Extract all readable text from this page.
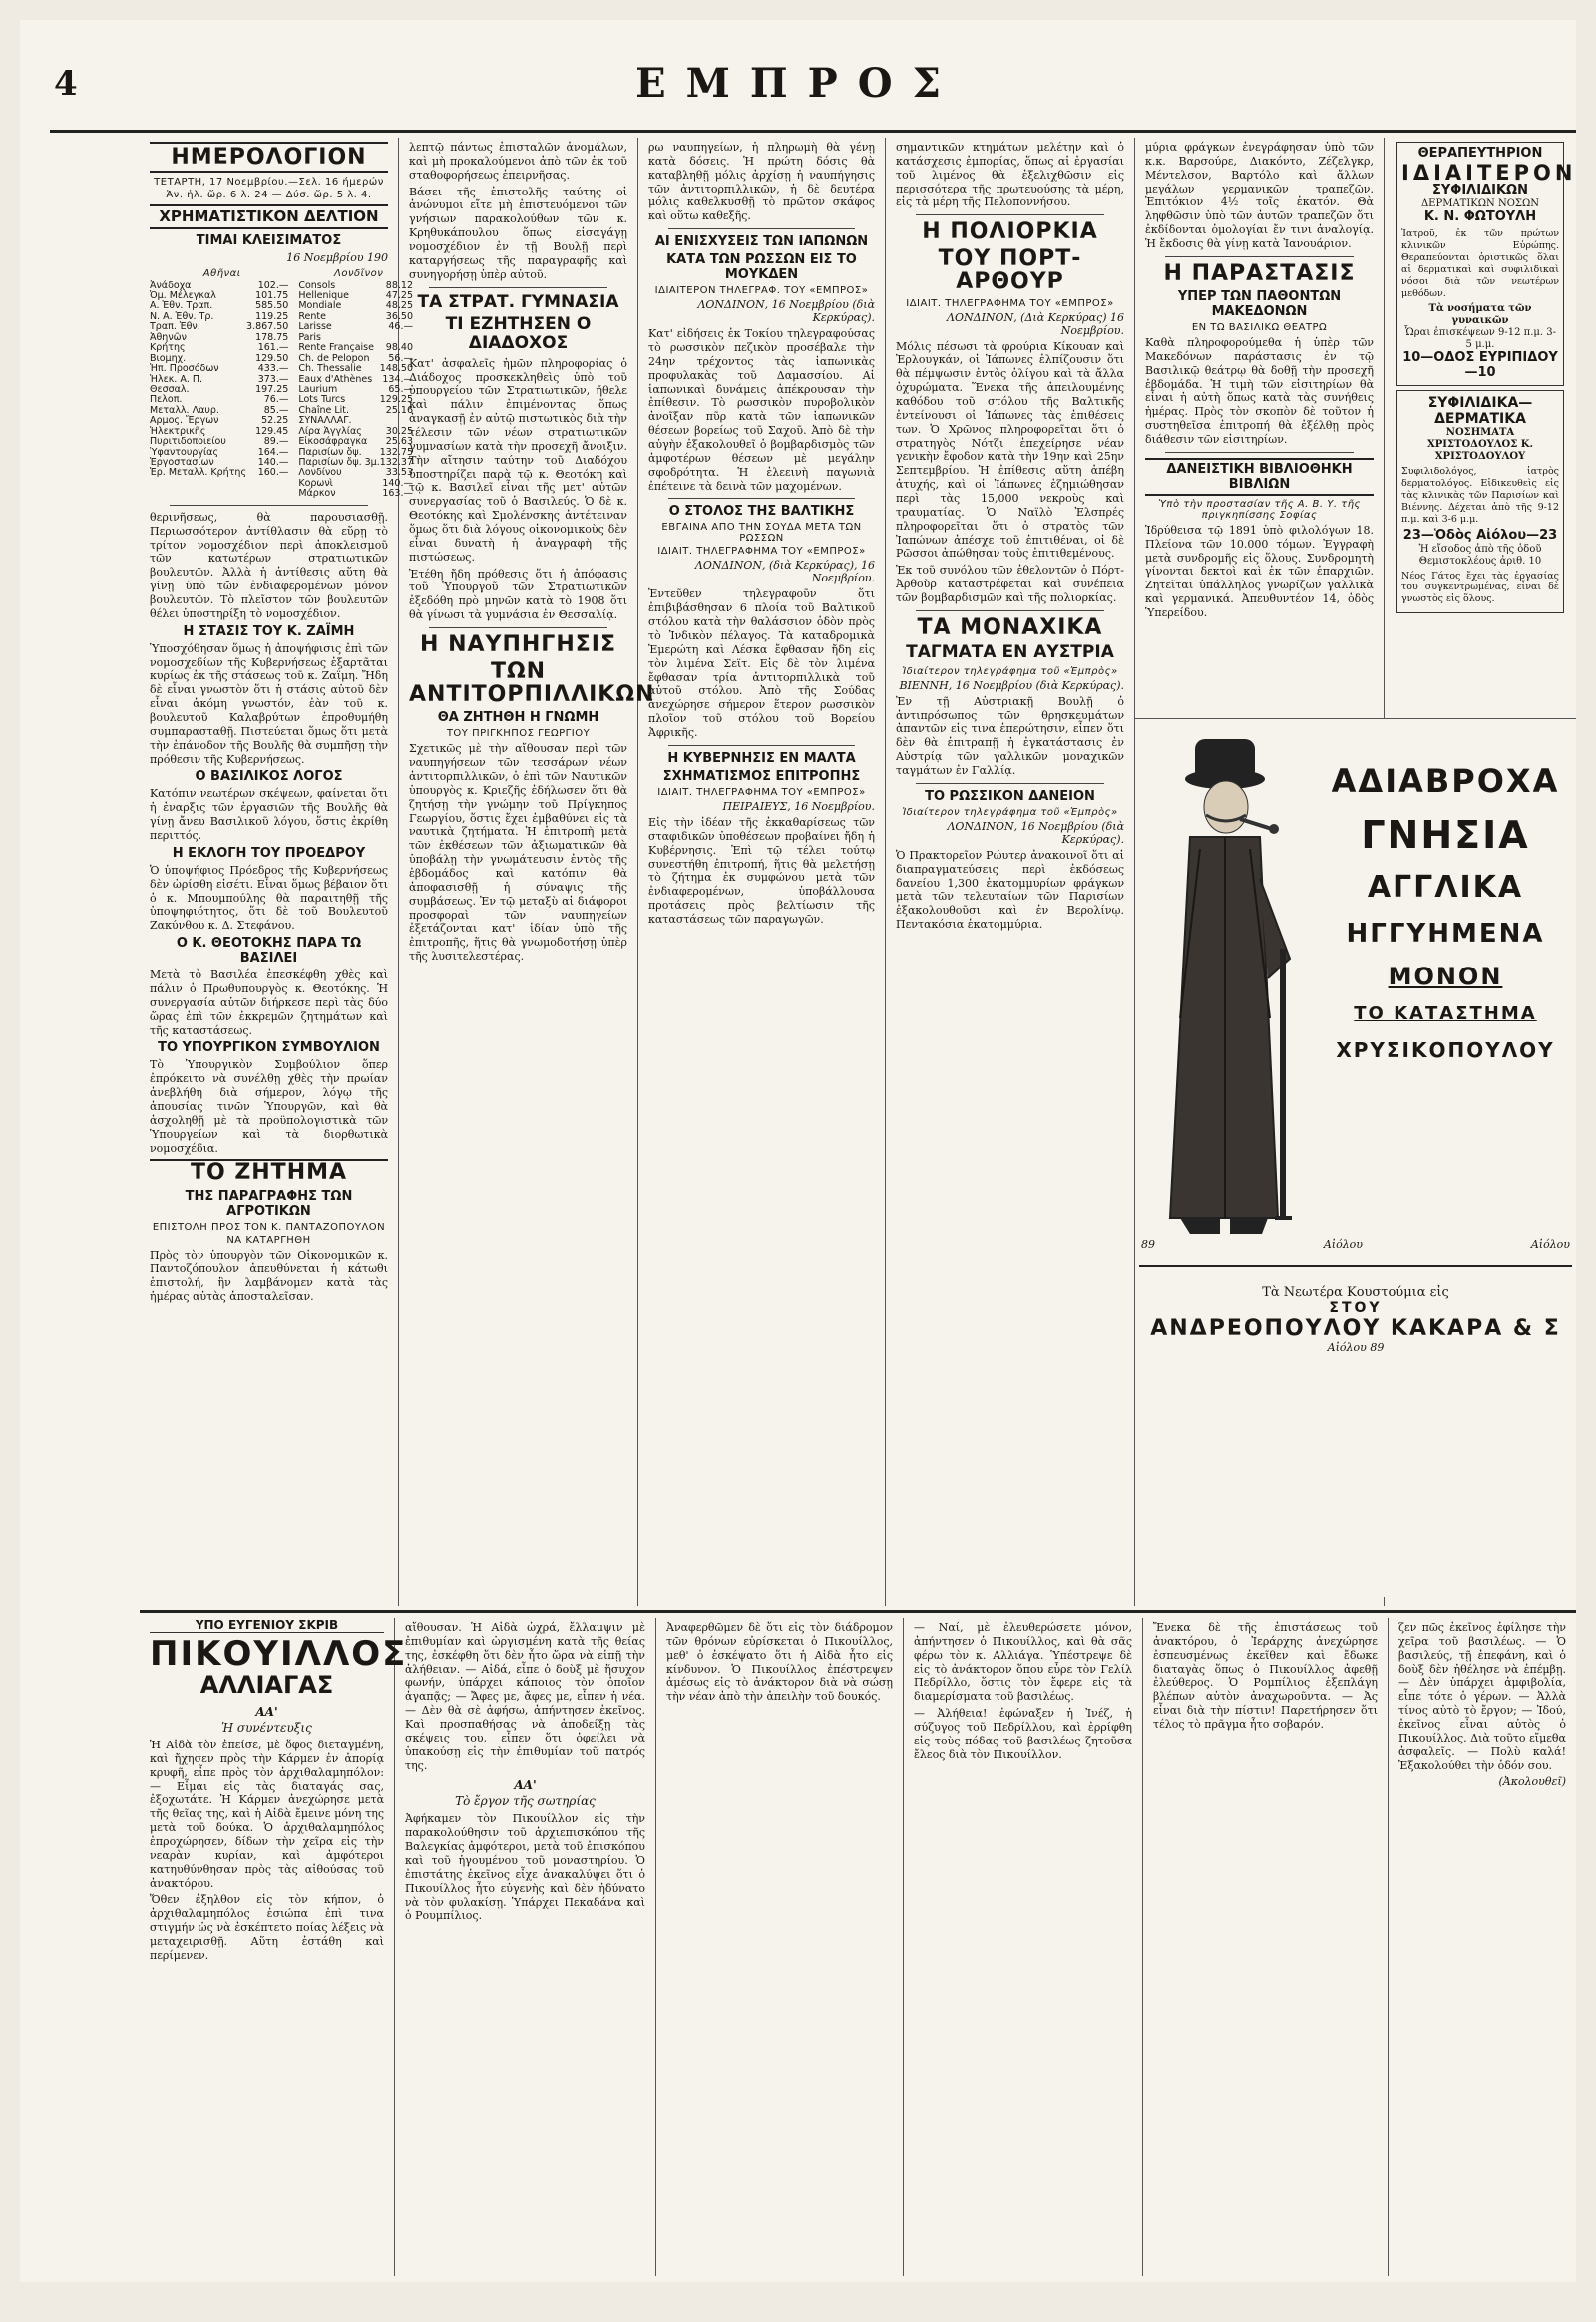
4	ΕΜΠΡΟΣ
ΗΜΕΡΟΛΟΓΙΟΝ
ΤΕΤΑΡΤΗ, 17 Νοεμβρίου.—Σελ. 16 ήμερών
Ἀν. ἡλ. ὥρ. 6 λ. 24 — Δύσ. ὥρ. 5 λ. 4.
ΧΡΗΜΑΤΙΣΤΙΚΟΝ ΔΕΛΤΙΟΝ
ΤΙΜΑΙ ΚΛΕΙΣΙΜΑΤΟΣ
16 Νοεμβρίου 190
Αθῆναι
Ἀνάδοχα	102.—
Ὀμ. Μέλεγκαλ	101.75
Α. Ἐθν. Τραπ.	585.50
Ν. Α. Ἐθν. Τρ.	119.25
Τραπ. Ἐθν.	3.867.50
Ἀθηνῶν	178.75
Κρήτης	161.—
Βιομηχ.	129.50
Ἡπ. Προσόδων	433.—
Ἠλεκ. Α. Π.	373.—
Θεσσαλ.	197.25
Πελοπ.	76.—
Μεταλλ. Λαυρ.	85.—
Αρμος. Ἔργων	52.25
Ἠλεκτρικῆς	129.45
Πυριτιδοποιείου	89.—
Ὑφαντουργίας	164.—
Ἐργοστασίων	140.—
Ἐρ. Μεταλλ. Κρήτης	160.—
Λονδῖνον
Consols	88.12
Hellenique	47.25
Mondiale	48.25
Rente	36.50
Larisse	46.—
Paris	
Rente Française	98.40
Ch. de Pelopon	56.—
Ch. Thessalie	148.50
Eaux d'Athènes	134.—
Laurium	65.—
Lots Turcs	129.25
Chaîne Lit.	25.16
ΣΥΝΑΛΛΑΓ.	
Λίρα Ἀγγλίας	30.25
Εἰκοσάφραγκα	25.63
Παρισίων ὄψ.	132.75
Παρισίων ὄψ. 3μ.	132.37
Λονδίνου	33.53
Κορωνὶ	140.—
Μάρκον	163.—

θερινῆσεως, θὰ παρουσιασθῇ. Περιωσσότερον ἀντίθλασιν θὰ εὕρῃ τὸ τρίτον νομοσχέδιον περὶ ἀποκλεισμοῦ τῶν κατωτέρων στρατιωτικῶν βουλευτῶν. Ἀλλὰ ἡ ἀντίθεσις αὕτη θὰ γίνῃ ὑπὸ τῶν ἐνδιαφερομένων μόνον βουλευτῶν. Τὸ πλεῖστον τῶν βουλευτῶν θέλει ὑποστηρίξη τὸ νομοσχέδιον.

Η ΣΤΑΣΙΣ ΤΟΥ Κ. ΖΑΪΜΗ

Ὑποσχόθησαν ὅμως ἡ ἀποψήφισις ἐπὶ τῶν νομοσχεδίων τῆς Κυβερνήσεως ἐξαρτᾶται κυρίως ἐκ τῆς στάσεως τοῦ κ. Ζαΐμη. Ἤδη δὲ εἶναι γνωστὸν ὅτι ἡ στάσις αὐτοῦ δὲν εἶναι ἀκόμη γνωστόν, ἐὰν τοῦ κ. βουλευτοῦ Καλαβρύτων ἐπροθυμήθη συμπαρασταθῇ. Πιστεύεται ὅμως ὅτι μετὰ τὴν ἐπάνοδον τῆς Βουλῆς θὰ συμπῆσῃ τὴν πρόθεσιν τῆς Κυβερνήσεως.

Ο ΒΑΣΙΛΙΚΟΣ ΛΟΓΟΣ

Κατόπιν νεωτέρων σκέψεων, φαίνεται ὅτι ἡ ἐναρξις τῶν ἐργασιῶν τῆς Βουλῆς θὰ γίνῃ ἄνευ Βασιλικοῦ λόγου, ὅστις ἐκρίθη περιττός.

Η ΕΚΛΟΓΗ ΤΟΥ ΠΡΟΕΔΡΟΥ

Ὁ ὑποψήφιος Πρόεδρος τῆς Κυβερνήσεως δὲν ὡρίσθη εἰσέτι. Εἶναι ὅμως βέβαιον ὅτι ὁ κ. Μπουμπούλης θὰ παραιτηθῇ τῆς ὑποψηφιότητος, ὅτι δὲ τοῦ Βουλευτοῦ Ζακύνθου κ. Δ. Στεφάνου.

Ο Κ. ΘΕΟΤΟΚΗΣ ΠΑΡΑ ΤΩ ΒΑΣΙΛΕΙ

Μετὰ τὸ Βασιλέα ἐπεσκέφθη χθὲς καὶ πάλιν ὁ Πρωθυπουργὸς κ. Θεοτόκης. Ἡ συνεργασία αὐτῶν διήρκεσε περὶ τὰς δύο ὥρας ἐπὶ τῶν ἐκκρεμῶν ζητημάτων καὶ τῆς καταστάσεως.

ΤΟ ΥΠΟΥΡΓΙΚΟΝ ΣΥΜΒΟΥΛΙΟΝ

Τὸ Ὑπουργικὸν Συμβούλιον ὅπερ ἐπρόκειτο νὰ συνέλθῃ χθὲς τὴν πρωίαν ἀνεβλήθη διὰ σήμερον, λόγῳ τῆς ἀπουσίας τινῶν Ὑπουργῶν, καὶ θὰ ἀσχοληθῇ μὲ τὰ προϋπολογιστικὰ τῶν Ὑπουργείων καὶ τὰ διορθωτικὰ νομοσχέδια.

ΤΟ ΖΗΤΗΜΑ
ΤΗΣ ΠΑΡΑΓΡΑΦΗΣ ΤΩΝ ΑΓΡΟΤΙΚΩΝ
ΕΠΙΣΤΟΛΗ ΠΡΟΣ ΤΟΝ Κ. ΠΑΝΤΑΖΟΠΟΥΛΟΝ
ΝΑ ΚΑΤΑΡΓΗΘΗ

Πρὸς τὸν ὑπουργὸν τῶν Οἰκονομικῶν κ. Παντοζόπουλον ἀπευθύνεται ἡ κάτωθι ἐπιστολή, ἣν λαμβάνομεν κατὰ τὰς ἡμέρας αὐτὰς ἀποσταλεῖσαν.

λεπτῷ πάντως ἐπισταλῶν ἀνομάλων, καὶ μὴ προκαλούμενοι ἀπὸ τῶν ἐκ τοῦ σταθοφορήσεως ἐπειρνῆσας.

Βάσει τῆς ἐπιστολῆς ταύτης οἱ ἀνώνυμοι εἴτε μὴ ἐπιστευόμενοι τῶν γνήσιων παρακολούθων τῶν κ. Κρηθυκάπουλου ὅπως εἰσαγάγῃ νομοσχέδιον ἐν τῇ Βουλῇ περὶ καταργήσεως τῆς παραγραφῆς καὶ συνηγορήσῃ ὑπὲρ αὐτοῦ.

ΤΑ ΣΤΡΑΤ. ΓΥΜΝΑΣΙΑ
ΤΙ ΕΖΗΤΗΣΕΝ Ο ΔΙΑΔΟΧΟΣ

Κατ' ἀσφαλεῖς ἡμῶν πληροφορίας ὁ Διάδοχος προσκεκληθεὶς ὑπὸ τοῦ ὑπουργείου τῶν Στρατιωτικῶν, ἤθελε καὶ πάλιν ἐπιμένοντας ὅπως ἀναγκασῇ ἐν αὐτῷ πιστωτικὸς διὰ τὴν τέλεσιν τῶν νέων στρατιωτικῶν γυμνασίων κατὰ τὴν προσεχῆ ἄνοιξιν. Τὴν αἴτησιν ταύτην τοῦ Διαδόχου ὑποστηρίζει παρὰ τῷ κ. Θεοτόκῃ καὶ τῷ κ. Βασιλεῖ εἶναι τῆς μετ' αὐτῶν συνεργασίας τοῦ ὁ Βασιλεύς. Ὁ δὲ κ. Θεοτόκης καὶ Σμολένσκης ἀντέτειναν ὅμως ὅτι διὰ λόγους οἰκονομικοὺς δὲν εἶναι δυνατὴ ἡ ἀναγραφὴ τῆς πιστώσεως.

Ἐτέθη ἤδη πρόθεσις ὅτι ἡ ἀπόφασις τοῦ Ὑπουργοῦ τῶν Στρατιωτικῶν ἐξεδόθη πρὸ μηνῶν κατὰ τὸ 1908 ὅτι θὰ γίνωσι τὰ γυμνάσια ἐν Θεσσαλίᾳ.

Η ΝΑΥΠΗΓΗΣΙΣ
ΤΩΝ ΑΝΤΙΤΟΡΠΙΛΛΙΚΩΝ
ΘΑ ΖΗΤΗΘΗ Η ΓΝΩΜΗ
ΤΟΥ ΠΡΙΓΚΗΠΟΣ ΓΕΩΡΓΙΟΥ

Σχετικῶς μὲ τὴν αἴθουσαν περὶ τῶν ναυπηγήσεων τῶν τεσσάρων νέων ἀντιτορπιλλικῶν, ὁ ἐπὶ τῶν Ναυτικῶν ὑπουργὸς κ. Κριεζῆς ἐδήλωσεν ὅτι θὰ ζητήσῃ τὴν γνώμην τοῦ Πρίγκηπος Γεωργίου, ὅστις ἔχει ἐμβαθύνει εἰς τὰ ναυτικὰ ζητήματα. Ἡ ἐπιτροπὴ μετὰ τῶν ἐκθέσεων τῶν ἀξιωματικῶν θὰ ὑποβάλῃ τὴν γνωμάτευσιν ἐντὸς τῆς ἑβδομάδος καὶ κατόπιν θὰ ἀποφασισθῇ ἡ σύναψις τῆς συμβάσεως. Ἐν τῷ μεταξὺ αἱ διάφοροι προσφοραὶ τῶν ναυπηγείων ἐξετάζονται κατ' ἰδίαν ὑπὸ τῆς ἐπιτροπῆς, ἥτις θὰ γνωμοδοτήσῃ ὑπὲρ τῆς λυσιτελεστέρας.

ρω ναυπηγείων, ἡ πληρωμὴ θὰ γένῃ κατὰ δόσεις. Ἡ πρώτη δόσις θὰ καταβληθῇ μόλις ἀρχίσῃ ἡ ναυπήγησις τῶν ἀντιτορπιλλικῶν, ἡ δὲ δευτέρα μόλις καθελκυσθῇ τὸ πρῶτον σκάφος καὶ οὕτω καθεξῆς.

ΑΙ ΕΝΙΣΧΥΣΕΙΣ ΤΩΝ ΙΑΠΩΝΩΝ
ΚΑΤΑ ΤΩΝ ΡΩΣΣΩΝ ΕΙΣ ΤΟ ΜΟΥΚΔΕΝ
ΙΔΙΑΙΤΕΡΟΝ ΤΗΛΕΓΡΑΦ. ΤΟΥ «ΕΜΠΡΟΣ»
ΛΟΝΔΙΝΟΝ, 16 Νοεμβρίου (διὰ Κερκύρας).

Κατ' εἰδήσεις ἐκ Τοκίου τηλεγραφούσας τὸ ρωσσικὸν πεζικὸν προσέβαλε τὴν 24ην τρέχοντος τὰς ἰαπωνικὰς προφυλακὰς τοῦ Δαμασσίου. Αἱ ἰαπωνικαὶ δυνάμεις ἀπέκρουσαν τὴν ἐπίθεσιν. Τὸ ρωσσικὸν πυροβολικὸν ἀνοῖξαν πῦρ κατὰ τῶν ἰαπωνικῶν θέσεων βορείως τοῦ Σαχοῦ. Ἀπὸ δὲ τὴν αὐγὴν ἐξακολουθεῖ ὁ βομβαρδισμὸς τῶν ἀμφοτέρων θέσεων μὲ μεγάλην σφοδρότητα. Ἡ ἐλεεινὴ παγωνιὰ ἐπέτεινε τὰ δεινὰ τῶν μαχομένων.

Ο ΣΤΟΛΟΣ ΤΗΣ ΒΑΛΤΙΚΗΣ
ΕΒΓΑΙΝΑ ΑΠΟ ΤΗΝ ΣΟΥΔΑ ΜΕΤΑ ΤΩΝ ΡΩΣΣΩΝ
ΙΔΙΑΙΤ. ΤΗΛΕΓΡΑΦΗΜΑ ΤΟΥ «ΕΜΠΡΟΣ»
ΛΟΝΔΙΝΟΝ, (διὰ Κερκύρας), 16 Νοεμβρίου.

Ἐντεῦθεν τηλεγραφοῦν ὅτι ἐπιβιβάσθησαν 6 πλοία τοῦ Βαλτικοῦ στόλου κατὰ τὴν θαλάσσιον ὁδὸν πρὸς τὸ Ἰνδικὸν πέλαγος. Τὰ καταδρομικὰ Ἐμερώτη καὶ Λέσκα ἔφθασαν ἤδη εἰς τὸν λιμένα Σεϊτ. Εἰς δὲ τὸν λιμένα ἔφθασαν τρία ἀντιτορπιλλικὰ τοῦ αὐτοῦ στόλου. Ἀπὸ τῆς Σούδας ἀνεχώρησε σήμερον ἕτερον ρωσσικὸν πλοῖον τοῦ στόλου τοῦ Βορείου Ἀφρικῆς.

Η ΚΥΒΕΡΝΗΣΙΣ ΕΝ ΜΑΛΤΑ
ΣΧΗΜΑΤΙΣΜΟΣ ΕΠΙΤΡΟΠΗΣ
ΙΔΙΑΙΤ. ΤΗΛΕΓΡΑΦΗΜΑ ΤΟΥ «ΕΜΠΡΟΣ»
ΠΕΙΡΑΙΕΥΣ, 16 Νοεμβρίου.

Εἰς τὴν ἰδέαν τῆς ἐκκαθαρίσεως τῶν σταφιδικῶν ὑποθέσεων προβαίνει ἤδη ἡ Κυβέρνησις. Ἐπὶ τῷ τέλει τούτῳ συνεστήθη ἐπιτροπή, ἥτις θὰ μελετήσῃ τὸ ζήτημα ἐκ συμφώνου μετὰ τῶν ἐνδιαφερομένων, ὑποβάλλουσα προτάσεις πρὸς βελτίωσιν τῆς καταστάσεως τῶν παραγωγῶν.

σημαντικῶν κτημάτων μελέτην καὶ ὁ κατάσχεσις ἐμπορίας, ὅπως αἱ ἐργασίαι τοῦ λιμένος θὰ ἐξελιχθῶσιν εἰς περισσότερα τῆς πρωτευούσης τὰ μέρη, εἰς τὰ μέρη τῆς Πελοποννήσου.

Η ΠΟΛΙΟΡΚΙΑ
ΤΟΥ ΠΟΡΤ-ΑΡΘΟΥΡ
ΙΔΙΑΙΤ. ΤΗΛΕΓΡΑΦΗΜΑ ΤΟΥ «ΕΜΠΡΟΣ»
ΛΟΝΔΙΝΟΝ, (Διὰ Κερκύρας) 16 Νοεμβρίου.

Μόλις πέσωσι τὰ φρούρια Κίκουαν καὶ Ἐρλουγκάν, οἱ Ἰάπωνες ἐλπίζουσιν ὅτι θὰ πέμψωσιν ἐντὸς ὀλίγου καὶ τὰ ἄλλα ὀχυρώματα. Ἕνεκα τῆς ἀπειλουμένης καθόδου τοῦ στόλου τῆς Βαλτικῆς ἐντείνουσι οἱ Ἰάπωνες τὰς ἐπιθέσεις των. Ὁ Χρῶνος πληροφορεῖται ὅτι ὁ στρατηγὸς Νότζι ἐπεχείρησε νέαν γενικὴν ἔφοδον κατὰ τὴν 19ην καὶ 25ην Σεπτεμβρίου. Ἡ ἐπίθεσις αὕτη ἀπέβη ἀτυχής, καὶ οἱ Ἰάπωνες ἐζημιώθησαν περὶ τὰς 15,000 νεκροὺς καὶ τραυματίας. Ὁ Ναϊλὸ Ἐλσπρές πληροφορεῖται ὅτι ὁ στρατὸς τῶν Ἰαπώνων ἀπέσχε τοῦ ἐπιτιθέναι, οἱ δὲ Ρῶσσοι ἀπώθησαν τοὺς ἐπιτιθεμένους.

Ἐκ τοῦ συνόλου τῶν ἐθελοντῶν ὁ Πόρτ-Ἀρθοὺρ καταστρέφεται καὶ συνέπεια τῶν βομβαρδισμῶν καὶ τῆς πολιορκίας.

ΤΑ ΜΟΝΑΧΙΚΑ
ΤΑΓΜΑΤΑ ΕΝ ΑΥΣΤΡΙΑ
Ἰδιαίτερον τηλεγράφημα τοῦ «Ἐμπρὸς»
ΒΙΕΝΝΗ, 16 Νοεμβρίου (διὰ Κερκύρας).

Ἐν τῇ Αὐστριακῇ Βουλῇ ὁ ἀντιπρόσωπος τῶν θρησκευμάτων ἀπαντῶν εἰς τινα ἐπερώτησιν, εἶπεν ὅτι δὲν θὰ ἐπιτραπῇ ἡ ἐγκατάστασις ἐν Αὐστρίᾳ τῶν γαλλικῶν μοναχικῶν ταγμάτων ἐν Γαλλίᾳ.

ΤΟ ΡΩΣΣΙΚΟΝ ΔΑΝΕΙΟΝ
Ἰδιαίτερον τηλεγράφημα τοῦ «Ἐμπρὸς»
ΛΟΝΔΙΝΟΝ, 16 Νοεμβρίου (διὰ Κερκύρας).

Ὁ Πρακτορεῖον Ρώυτερ ἀνακοινοῖ ὅτι αἱ διαπραγματεύσεις περὶ ἐκδόσεως δανείου 1,300 ἑκατομμυρίων φράγκων μετὰ τῶν τελευταίων τῶν Παρισίων ἐξακολουθοῦσι καὶ ἐν Βερολίνῳ. Πεντακόσια ἑκατομμύρια.

μύρια φράγκων ἐνεγράφησαν ὑπὸ τῶν κ.κ. Βαρσούρε, Διακόντο, Ζέζελγκρ, Μέντελσον, Βαρτόλο καὶ ἄλλων μεγάλων γερμανικῶν τραπεζῶν. Ἐπιτόκιον 4½ τοῖς ἑκατόν. Θὰ ληφθῶσιν ὑπὸ τῶν ἀυτῶν τραπεζῶν ὅτι ἐκδίδονται ὁμολογίαι ἔν τινι ἀναλογίᾳ. Ἡ ἔκδοσις θὰ γίνῃ κατὰ Ἰανουάριον.

Η ΠΑΡΑΣΤΑΣΙΣ
ΥΠΕΡ ΤΩΝ ΠΑΘΟΝΤΩΝ ΜΑΚΕΔΟΝΩΝ
ΕΝ ΤΩ ΒΑΣΙΛΙΚΩ ΘΕΑΤΡΩ

Καθὰ πληροφορούμεθα ἡ ὑπὲρ τῶν Μακεδόνων παράστασις ἐν τῷ Βασιλικῷ θεάτρῳ θὰ δοθῇ τὴν προσεχῆ ἑβδομάδα. Ἡ τιμὴ τῶν εἰσιτηρίων θὰ εἶναι ἡ αὐτὴ ὅπως κατὰ τὰς συνήθεις ἡμέρας. Πρὸς τὸν σκοπὸν δὲ τοῦτον ἡ συστηθεῖσα ἐπιτροπή θὰ ἐξέλθῃ πρὸς διάθεσιν τῶν εἰσιτηρίων.

ΔΑΝΕΙΣΤΙΚΗ ΒΙΒΛΙΟΘΗΚΗ ΒΙΒΛΙΩΝ
Ὑπὸ τὴν προστασίαν τῆς Α. Β. Υ. τῆς πριγκηπίσσης Σοφίας

Ἱδρύθεισα τῷ 1891 ὑπὸ φιλολόγων 18. Πλείονα τῶν 10.000 τόμων. Ἐγγραφὴ μετὰ συνδρομῆς εἰς ὅλους. Συνδρομητὴ γίνονται δεκτοὶ καὶ ἐκ τῶν ἐπαρχιῶν. Ζητεῖται ὑπάλληλος γνωρίζων γαλλικὰ καὶ γερμανικά. Ἀπευθυντέον 14, ὁδὸς Ὑπερείδου.

ΑΔΙΑΒΡΟΧΑ
ΓΝΗΣΙΑ
ΑΓΓΛΙΚΑ
ΗΓΓΥΗΜΕΝΑ
ΜΟΝΟΝ
ΤΟ ΚΑΤΑΣΤΗΜΑ
ΧΡΥΣΙΚΟΠΟΥΛΟΥ
89	Αἰόλου	Αἰόλου
Τὰ Νεωτέρα Κουστούμια εἰς
ΣΤΟΥ
ΑΝΔΡΕΟΠΟΥΛΟΥ ΚΑΚΑΡΑ & Σ
Αἰόλου 89
ΘΕΡΑΠΕΥΤΗΡΙΟΝ
ΙΔΙΑΙΤΕΡΟΝ
ΣΥΦΙΛΙΔΙΚΩΝ
ΔΕΡΜΑΤΙΚΩΝ ΝΟΣΩΝ
Κ. Ν. ΦΩΤΟΥΛΗ

Ἰατροῦ, ἐκ τῶν πρώτων κλινικῶν Εὐρώπης. Θεραπεύονται ὁριστικῶς ὅλαι αἱ δερματικαὶ καὶ συφιλιδικαὶ νόσοι διὰ τῶν νεωτέρων μεθόδων.

Τὰ νοσήματα τῶν γυναικῶν
Ὧραι ἐπισκέψεων 9-12 π.μ. 3-5 μ.μ.
10—ΟΔΟΣ ΕΥΡΙΠΙΔΟΥ—10
ΣΥΦΙΛΙΔΙΚΑ—ΔΕΡΜΑΤΙΚΑ
ΝΟΣΗΜΑΤΑ
ΧΡΙΣΤΟΔΟΥΛΟΣ Κ. ΧΡΙΣΤΟΔΟΥΛΟΥ

Συφιλιδολόγος, ἰατρὸς δερματολόγος. Εἰδικευθεὶς εἰς τὰς κλινικὰς τῶν Παρισίων καὶ Βιέννης. Δέχεται ἀπὸ τῆς 9-12 π.μ. καὶ 3-6 μ.μ.

23—Ὁδὸς Αἰόλου—23
Ἡ εἴσοδος ἀπὸ τῆς ὁδοῦ Θεμιστοκλέους ἀριθ. 10

Νέος Γάτος ἔχει τὰς ἐργασίας του συγκεντρωμένας, εἶναι δὲ γνωστὸς εἰς ὅλους.

ΥΠΟ ΕΥΓΕΝΙΟΥ ΣΚΡΙΒ
ΠΙΚΟΥΙΛΛΟΣ
ΑΛΛΙΑΓΑΣ
ΑΑ'
Ἡ συνέντευξις

Ἡ Αἰδὰ τὸν ἐπείσε, μὲ ὅφος διεταγμένη, καὶ ἤχησεν πρὸς τὴν Κάρμεν ἐν ἀπορίᾳ κρυφῆ, εἶπε πρὸς τὸν ἀρχιθαλαμηπόλον: — Εἶμαι εἰς τὰς διαταγάς σας, ἐξοχωτάτε. Ἡ Κάρμεν ἀνεχώρησε μετὰ τῆς θεῖας της, καὶ ἡ Αἰδὰ ἔμεινε μόνη της μετὰ τοῦ δούκα. Ὁ ἀρχιθαλαμηπόλος ἐπροχώρησεν, δίδων τὴν χεῖρα εἰς τὴν νεαρὰν κυρίαν, καὶ ἀμφότεροι κατηυθύνθησαν πρὸς τὰς αἰθούσας τοῦ ἀνακτόρου.

Ὅθεν ἐξηλθον εἰς τὸν κήπον, ὁ ἀρχιθαλαμηπόλος ἐσιώπα ἐπὶ τινα στιγμήν ὡς νὰ ἐσκέπτετο ποίας λέξεις νὰ μεταχειρισθῇ. Αὕτη ἐστάθη καὶ περίμενεν.

αἴθουσαν. Ἡ Αἰδὰ ὠχρά, ἔλλαμψιν μὲ ἐπιθυμίαν καὶ ὠργισμένη κατὰ τῆς θείας της, ἐσκέφθη ὅτι δὲν ἦτο ὥρα νὰ εἰπῇ τὴν ἀλήθειαν. — Αἰδά, εἶπε ὁ δοὺξ μὲ ἥσυχον φωνήν, ὑπάρχει κάποιος τὸν ὁποῖον ἀγαπᾷς; — Ἄφες με, ἄφες με, εἶπεν ἡ νέα. — Δὲν θὰ σὲ ἀφήσω, ἀπήντησεν ἐκεῖνος. Καὶ προσπαθήσας νὰ ἀποδείξῃ τὰς σκέψεις του, εἶπεν ὅτι ὀφείλει νὰ ὑπακούσῃ εἰς τὴν ἐπιθυμίαν τοῦ πατρός της.

ΑΑ'
Τὸ ἔργον τῆς σωτηρίας

Ἀφήκαμεν τὸν Πικουίλλον εἰς τὴν παρακολούθησιν τοῦ ἀρχιεπισκόπου τῆς Βαλεγκίας ἀμφότεροι, μετὰ τοῦ ἐπισκόπου καὶ τοῦ ἡγουμένου τοῦ μοναστηρίου. Ὁ ἐπιστάτης ἐκεῖνος εἶχε ἀνακαλύψει ὅτι ὁ Πικουίλλος ἦτο εὐγενὴς καὶ δὲν ἠδύνατο νὰ τὸν φυλακίσῃ. Ὑπάρχει Πεκαδάνα καὶ ὁ Ρουμπίλιος.

Ἀναφερθῶμεν δὲ ὅτι εἰς τὸν διάδρομον τῶν θρόνων εὑρίσκεται ὁ Πικουίλλος, μεθ' ὁ ἐσκέψατο ὅτι ἡ Αἰδὰ ἦτο εἰς κίνδυνον. Ὁ Πικουίλλος ἐπέστρεψεν ἀμέσως εἰς τὸ ἀνάκτορον διὰ νὰ σώσῃ τὴν νέαν ἀπὸ τὴν ἀπειλὴν τοῦ δουκός.

— Ναί, μὲ ἐλευθερώσετε μόνον, ἀπήντησεν ὁ Πικουίλλος, καὶ θὰ σᾶς φέρω τὸν κ. Αλλιάγα. Ὑπέστρεψε δὲ εἰς τὸ ἀνάκτορον ὅπου εὗρε τὸν Γελίλ Πεδρίλλο, ὅστις τὸν ἔφερε εἰς τὰ διαμερίσματα τοῦ βασιλέως.

— Ἀλήθεια! ἐφώναξεν ἡ Ἰνέζ, ἡ σύζυγος τοῦ Πεδρίλλου, καὶ ἐρρίφθη εἰς τοὺς πόδας τοῦ βασιλέως ζητοῦσα ἔλεος διὰ τὸν Πικουίλλον.

Ἔνεκα δὲ τῆς ἐπιστάσεως τοῦ ἀνακτόρου, ὁ Ἰεράρχης ἀνεχώρησε ἐσπευσμένως ἐκεῖθεν καὶ ἔδωκε διαταγὰς ὅπως ὁ Πικουίλλος ἀφεθῇ ἐλεύθερος. Ὁ Ρομπίλιος ἐξεπλάγη βλέπων αὐτὸν ἀναχωροῦντα. — Ἀς εἶναι διὰ τὴν πίστιν! Παρετήρησεν ὅτι τέλος τὸ πρᾶγμα ἦτο σοβαρόν.

ζεν πῶς ἐκεῖνος ἐφίλησε τὴν χεῖρα τοῦ βασιλέως. — Ὁ βασιλεύς, τῇ ἐπεφάνη, καὶ ὁ δοὺξ δὲν ἠθέλησε νὰ ἐπέμβῃ. — Δὲν ὑπάρχει ἀμφιβολία, εἶπε τότε ὁ γέρων. — Ἀλλὰ τίνος αὐτὸ τὸ ἔργον; — Ἰδού, ἐκεῖνος εἶναι αὐτὸς ὁ Πικουίλλος. Διὰ τοῦτο εἴμεθα ἀσφαλεῖς. — Πολὺ καλά! Ἐξακολούθει τὴν ὁδόν σου.

(Ἀκολουθεῖ)
